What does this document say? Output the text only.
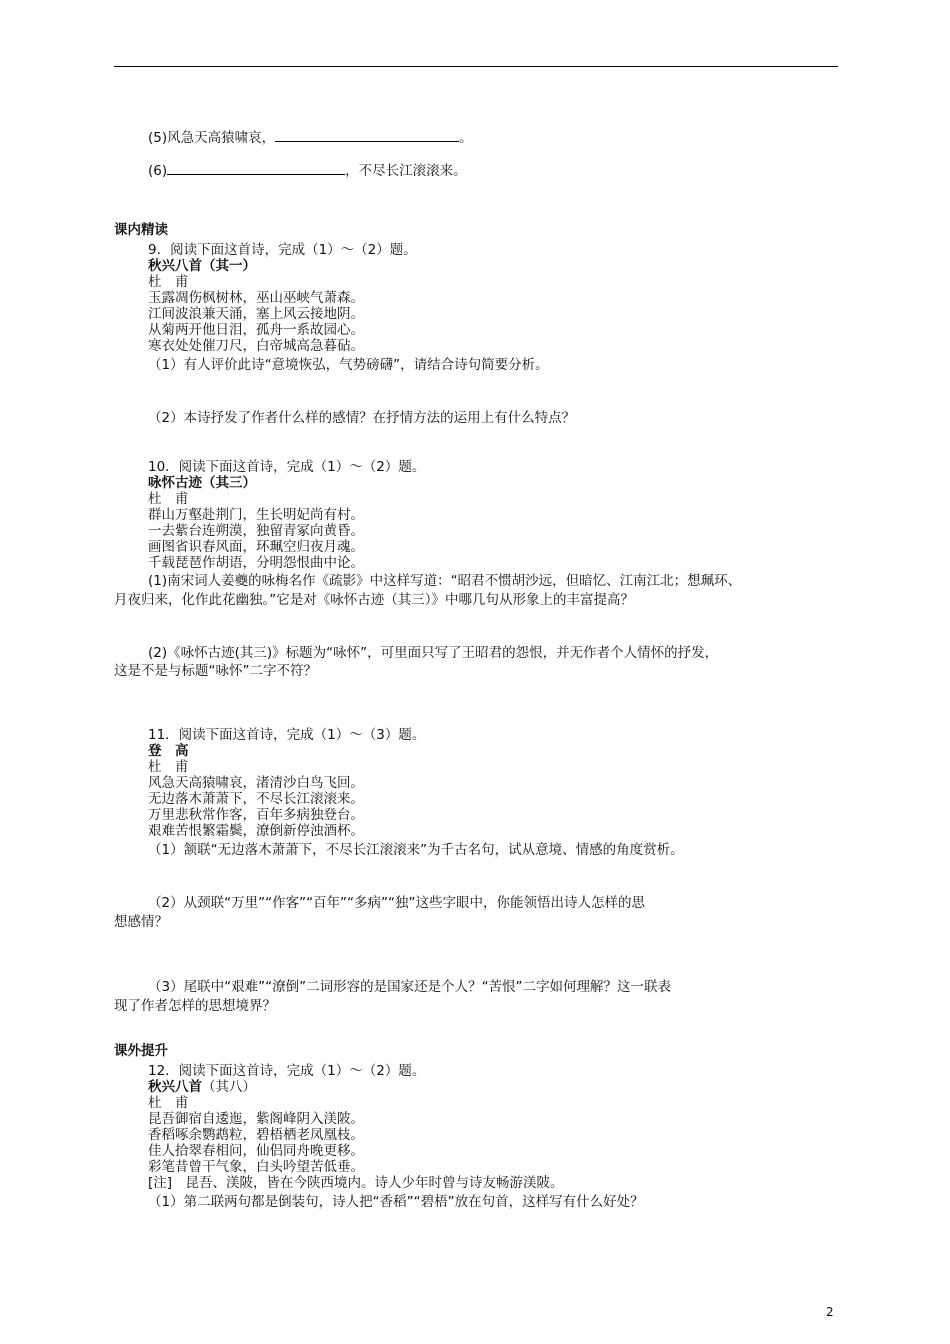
(5)风急天高猿啸哀，	。
(6)	，不尽长江滚滚来。
课内精读
9．阅读下面这首诗，完成（1）～（2）题。
秋兴八首（其一）
杜　甫
玉露凋伤枫树林，巫山巫峡气萧森。
江间波浪兼天涌，塞上风云接地阴。
从菊两开他日泪，孤舟一系故园心。
寒衣处处催刀尺，白帝城高急暮砧。
（1）有人评价此诗“意境恢弘，气势磅礴”，请结合诗句简要分析。
（2）本诗抒发了作者什么样的感情？在抒情方法的运用上有什么特点？
10．阅读下面这首诗，完成（1）～（2）题。
咏怀古迹（其三）
杜　甫
群山万壑赴荆门，生长明妃尚有村。
一去紫台连朔漠，独留青冢向黄昏。
画图省识春风面，环珮空归夜月魂。
千载琵琶作胡语，分明怨恨曲中论。
(1)南宋词人姜夔的咏梅名作《疏影》中这样写道：“昭君不惯胡沙远，但暗忆、江南江北；想珮环、
月夜归来，化作此花幽独。”它是对《咏怀古迹（其三）》中哪几句从形象上的丰富提高？
(2)《咏怀古迹(其三)》标题为“咏怀”，可里面只写了王昭君的怨恨，并无作者个人情怀的抒发，
这是不是与标题“咏怀”二字不符？
11．阅读下面这首诗，完成（1）～（3）题。
登　高
杜　甫
风急天高猿啸哀，渚清沙白鸟飞回。
无边落木萧萧下，不尽长江滚滚来。
万里悲秋常作客，百年多病独登台。
艰难苦恨繁霜鬓，潦倒新停浊酒杯。
（1）颔联“无边落木萧萧下，不尽长江滚滚来”为千古名句，试从意境、情感的角度赏析。
（2）从颈联“万里”“作客”“百年”“多病”“独”这些字眼中，你能领悟出诗人怎样的思
想感情？
（3）尾联中“艰难”“潦倒”二词形容的是国家还是个人？“苦恨”二字如何理解？这一联表
现了作者怎样的思想境界？
课外提升
12．阅读下面这首诗，完成（1）～（2）题。
秋兴八首（其八）
杜　甫
昆吾御宿自逶迤，紫阁峰阴入渼陂。
香稻啄余鹦鹉粒，碧梧栖老凤凰枝。
佳人拾翠春相问，仙侣同舟晚更移。
彩笔昔曾干气象，白头吟望苦低垂。
[注]　昆吾、渼陂，皆在今陕西境内。诗人少年时曾与诗友畅游渼陂。
（1）第二联两句都是倒装句，诗人把“香稻”“碧梧”放在句首，这样写有什么好处？
2
